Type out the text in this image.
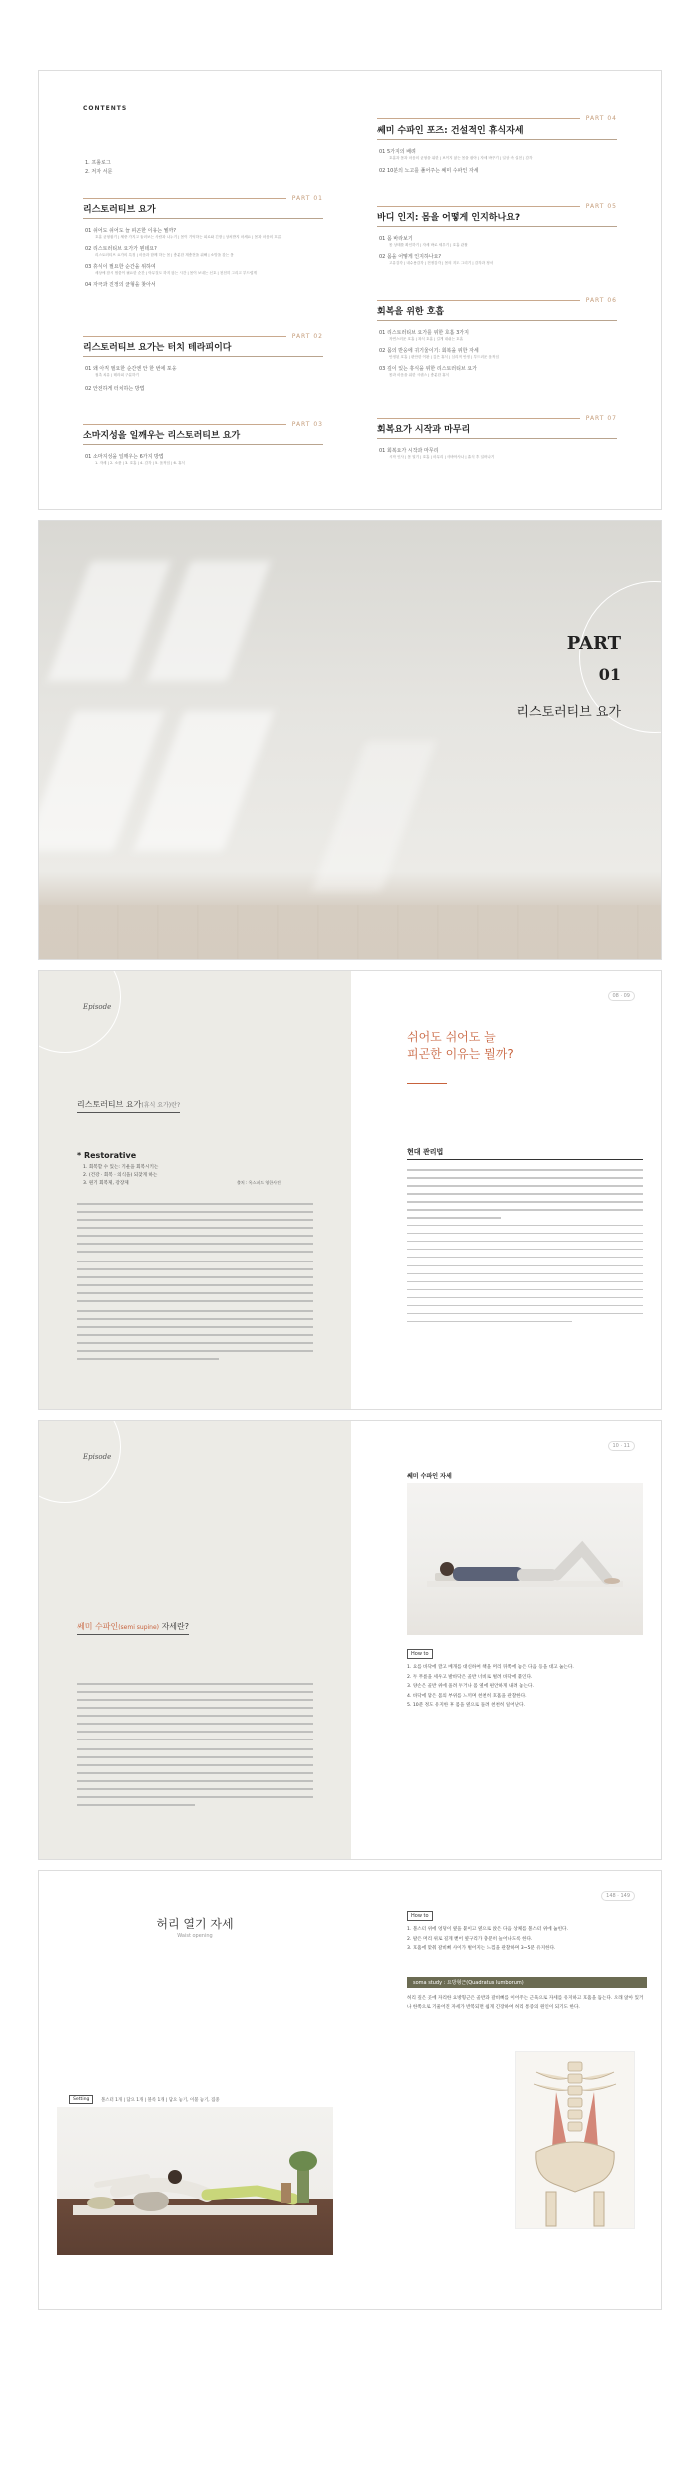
CONTENTS
1. 프롤로그
2. 저자 서문
PART 01
리스토러티브 요가
01 쉬어도 쉬어도 늘 피곤한 이유는 뭘까?
호흡 균형잡기 | 체중 가지고 둘러보는 사람과 나누기 | 몸이 기억하는 피로와 긴장 | 상처받지 마세요 | 몸과 마음의 흐름
02 리스토러티브 요가가 뭔데요?
리스토러티브 요가의 특징 | 마음과 함께 하는 몸 | 충분한 재충전을 위해 | 소망을 갖는 몸
03 휴식이 필요한 순간을 위하여
세상에 잠시 멈춤이 필요한 순간 | 아무것도 하지 않는 시간 | 몸이 보내는 신호 | 천천히 그리고 부드럽게
04 자극과 진정의 균형을 찾아서
PART 02
리스토러티브 요가는 터치 테라피이다
01 왜 아직 필요한 순간엔 안 한 번에 포옹
접촉 치유 | 테라피 구분하기
02 안전하게 터치하는 방법
PART 03
소마지성을 일깨우는 리스토러티브 요가
01 소마지성을 일깨우는 6가지 방법
1. 자세 | 2. 소품 | 3. 호흡 | 4. 감각 | 5. 움직임 | 6. 휴식
PART 04
쎄미 수파인 포즈: 건설적인 휴식자세
01 5가지의 배려
호흡과 몸과 마음의 균형을 위한 | 보이지 않는 몸을 잡아 | 자세 바꾸기 | 일상 속 실천 | 감각
02 10분의 노고를 풀어주는 쎄미 수파인 자세
PART 05
바디 인지: 몸을 어떻게 인지하나요?
01 몸 바라보기
몸 상태를 확인하기 | 자세 바로 세우기 | 호흡 관찰
02 몸을 어떻게 인지하나요?
고유감각 | 내수용감각 | 전정감각 | 몸의 지도 그리기 | 감각과 정서
PART 06
회복을 위한 호흡
01 리스토러티브 요가를 위한 호흡 3가지
자연스러운 호흡 | 복식 호흡 | 길게 내쉬는 호흡
02 몸의 반응에 귀기울이기: 회복을 위한 자세
안정된 호흡 | 편안한 이완 | 깊은 휴식 | 심리적 안정 | 부드러운 움직임
03 깊이 있는 휴식을 위한 리스토러티브 요가
몸과 마음을 위한 시퀀스 | 충분한 휴식
PART 07
회복요가 시작과 마무리
01 회복요가 시작과 마무리
시작 인사 | 몸 열기 | 호흡 | 마무리 | 사바아사나 | 휴식 후 일어나기
PART
01
리스토러티브 요가
Episode
리스토러티브 요가(휴식 요가)란?
* Restorative
1. 회복할 수 있는: 기운을 회복시키는
2. (건강 · 회복 · 의식을) 되찾게 하는
3. 원기 회복제, 강장제	출처 : 옥스퍼드 영한사전
08 · 09
쉬어도 쉬어도 늘
피곤한 이유는 뭘까?
현대 관리법
Episode
쎄미 수파인(semi supine) 자세란?
10 · 11
쎄미 수파인 자세
How to
1. 요를 바닥에 깔고 베개를 대신하여 책을 머리 뒤쪽에 놓은 다음 등을 대고 눕는다.
2. 두 무릎을 세우고 발바닥은 골반 너비로 벌려 바닥에 붙인다.
3. 양손은 골반 위에 올려 두거나 몸 옆에 편안하게 내려 놓는다.
4. 바닥에 닿은 몸의 부위를 느끼며 천천히 호흡을 관찰한다.
5. 10분 정도 유지한 후 몸을 옆으로 돌려 천천히 일어난다.
허리 열기 자세
Waist opening
Setting	볼스터 1개 | 담요 1개 | 블록 1개 | 담요 놓기, 이불 놓기, 집중
148 · 149
How to
1. 볼스터 위에 엉덩이 옆을 붙이고 옆으로 앉은 다음 상체를 볼스터 위에 눕힌다.
2. 팔은 머리 위로 길게 뻗어 옆구리가 충분히 늘어나도록 한다.
3. 호흡에 맞춰 갈비뼈 사이가 벌어지는 느낌을 관찰하며 3~5분 유지한다.
soma study : 요방형근(Quadratus lumborum)
허리 깊은 곳에 자리한 요방형근은 골반과 갈비뼈를 이어주는 근육으로 자세를 유지하고 호흡을 돕는다. 오래 앉아 있거나 한쪽으로 기울어진 자세가 반복되면 쉽게 긴장하여 허리 통증의 원인이 되기도 한다.
